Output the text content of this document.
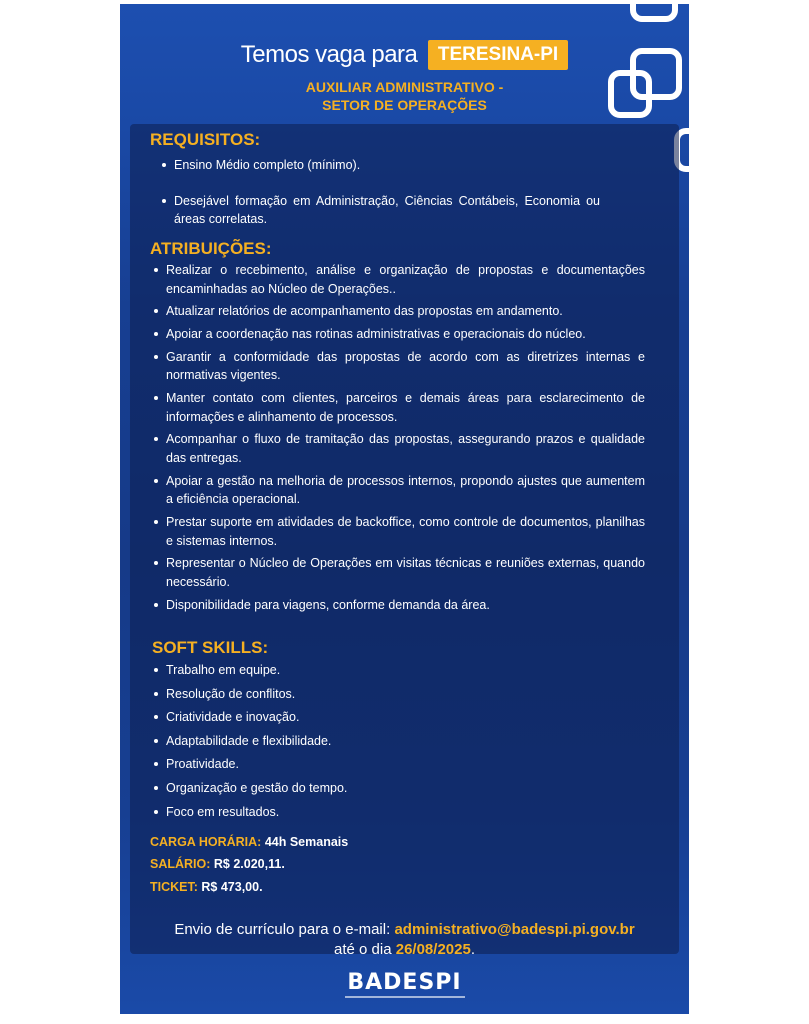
Temos vaga para TERESINA-PI
AUXILIAR ADMINISTRATIVO -
SETOR DE OPERAÇÕES
REQUISITOS:
Ensino Médio completo (mínimo).
Desejável formação em Administração, Ciências Contábeis, Economia ou áreas correlatas.
ATRIBUIÇÕES:
Realizar o recebimento, análise e organização de propostas e documentações encaminhadas ao Núcleo de Operações..
Atualizar relatórios de acompanhamento das propostas em andamento.
Apoiar a coordenação nas rotinas administrativas e operacionais do núcleo.
Garantir a conformidade das propostas de acordo com as diretrizes internas e normativas vigentes.
Manter contato com clientes, parceiros e demais áreas para esclarecimento de informações e alinhamento de processos.
Acompanhar o fluxo de tramitação das propostas, assegurando prazos e qualidade das entregas.
Apoiar a gestão na melhoria de processos internos, propondo ajustes que aumentem a eficiência operacional.
Prestar suporte em atividades de backoffice, como controle de documentos, planilhas e sistemas internos.
Representar o Núcleo de Operações em visitas técnicas e reuniões externas, quando necessário.
Disponibilidade para viagens, conforme demanda da área.
SOFT SKILLS:
Trabalho em equipe.
Resolução de conflitos.
Criatividade e inovação.
Adaptabilidade e flexibilidade.
Proatividade.
Organização e gestão do tempo.
Foco em resultados.
CARGA HORÁRIA: 44h Semanais
SALÁRIO: R$ 2.020,11.
TICKET: R$ 473,00.
Envio de currículo para o e-mail: administrativo@badespi.pi.gov.br
até o dia 26/08/2025.
BADESPI
